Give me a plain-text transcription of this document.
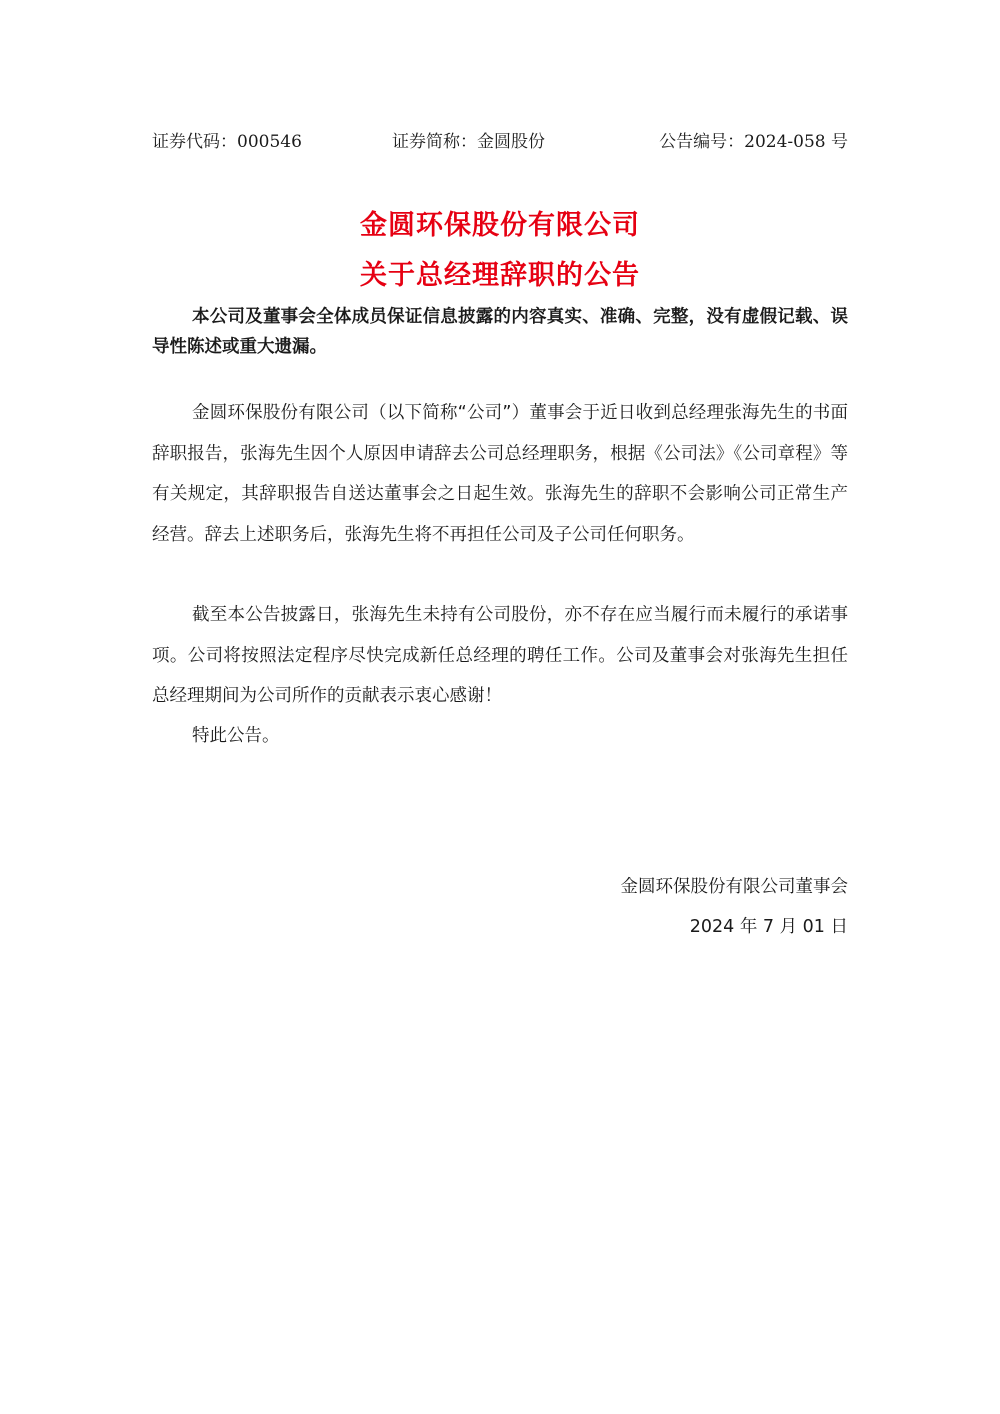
证券代码：000546	证券简称：金圆股份	公告编号：2024-058 号
金圆环保股份有限公司
关于总经理辞职的公告
本公司及董事会全体成员保证信息披露的内容真实、准确、完整，没有虚假记载、误导性陈述或重大遗漏。
金圆环保股份有限公司（以下简称“公司”）董事会于近日收到总经理张海先生的书面辞职报告，张海先生因个人原因申请辞去公司总经理职务，根据《公司法》《公司章程》等有关规定，其辞职报告自送达董事会之日起生效。张海先生的辞职不会影响公司正常生产经营。辞去上述职务后，张海先生将不再担任公司及子公司任何职务。
截至本公告披露日，张海先生未持有公司股份，亦不存在应当履行而未履行的承诺事项。公司将按照法定程序尽快完成新任总经理的聘任工作。公司及董事会对张海先生担任总经理期间为公司所作的贡献表示衷心感谢！
特此公告。
金圆环保股份有限公司董事会
2024 年 7 月 01 日
